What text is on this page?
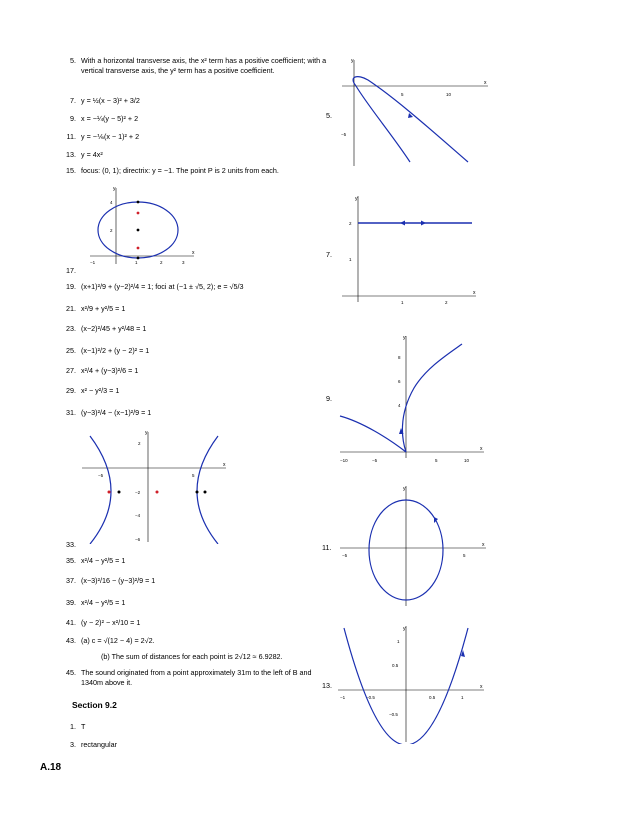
5. With a horizontal transverse axis, the x² term has a positive coefficient; with a vertical transverse axis, the y² term has a positive coefficient.
7. y = ½(x − 3)² + 3/2
9. x = −¼(y − 5)² + 2
11. y = −⅙(x − 1)² + 2
13. y = 4x²
15. focus: (0, 1); directrix: y = −1. The point P is 2 units from each.
17.
19. (x+1)²/9 + (y−2)²/4 = 1; foci at (−1 ± √5, 2); e = √5/3
21. x²/9 + y²/5 = 1
23. (x−2)²/45 + y²/48 = 1
25. (x−1)²/2 + (y − 2)² = 1
27. x²/4 + (y−3)²/6 = 1
29. x² − y²/3 = 1
31. (y−3)²/4 − (x−1)²/9 = 1
33.
35. x²/4 − y²/5 = 1
37. (x−3)²/16 − (y−3)²/9 = 1
39. x²/4 − y²/5 = 1
41. (y − 2)² − x²/10 = 1
43. (a) c = √(12 − 4) = 2√2.
(b) The sum of distances for each point is 2√12 ≈ 6.9282.
45. The sound originated from a point approximately 31m to the left of B and 1340m above it.
Section 9.2
1. T
3. rectangular
x
y
−1	1	2	3
4
2
x
y
−5	5
2
−2
−4
−6
5.
x
y
5	10
−5
7.
x
y
1	2
2
1
9.
x
y
−10	−5	5	10
8
6
4
11.	x
y
−5	5
13.	x
y
−1	−0.5	0.5	1
1
0.5
−0.5
A.18
